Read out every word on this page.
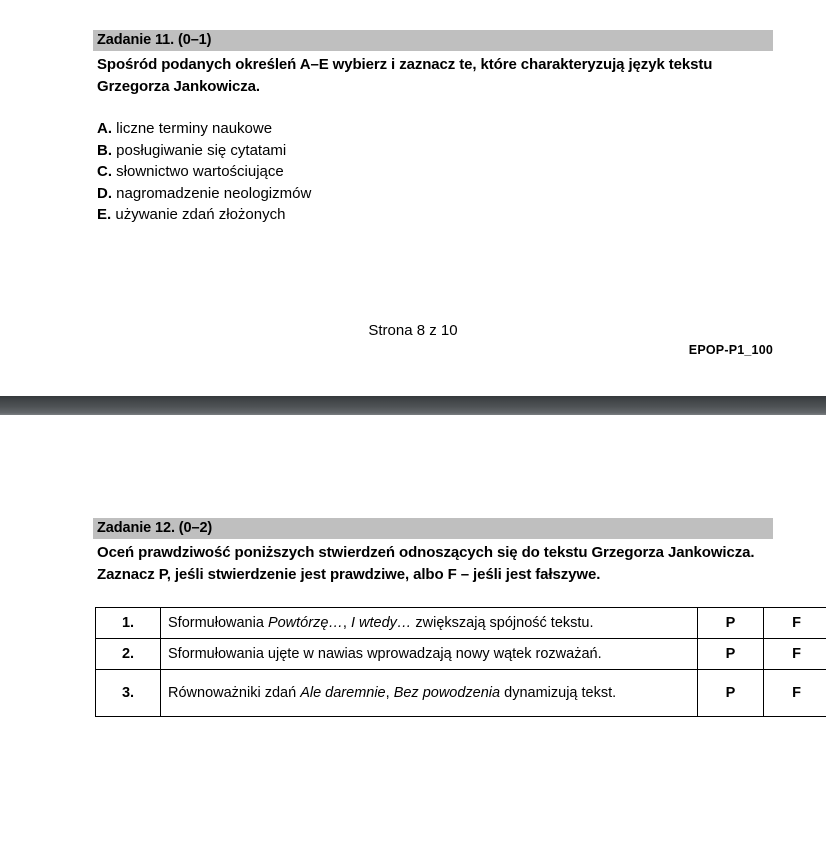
Zadanie 11. (0–1)
Spośród podanych określeń A–E wybierz i zaznacz te, które charakteryzują język tekstu Grzegorza Jankowicza.
A. liczne terminy naukowe
B. posługiwanie się cytatami
C. słownictwo wartościujące
D. nagromadzenie neologizmów
E. używanie zdań złożonych
Strona 8 z 10
EPOP-P1_100
Zadanie 12. (0–2)
Oceń prawdziwość poniższych stwierdzeń odnoszących się do tekstu Grzegorza Jankowicza. Zaznacz P, jeśli stwierdzenie jest prawdziwe, albo F – jeśli jest fałszywe.
1.	Sformułowania Powtórzę…, I wtedy… zwiększają spójność tekstu.	P	F
2.	Sformułowania ujęte w nawias wprowadzają nowy wątek rozważań.	P	F
3.	Równoważniki zdań Ale daremnie, Bez powodzenia dynamizują tekst.	P	F
